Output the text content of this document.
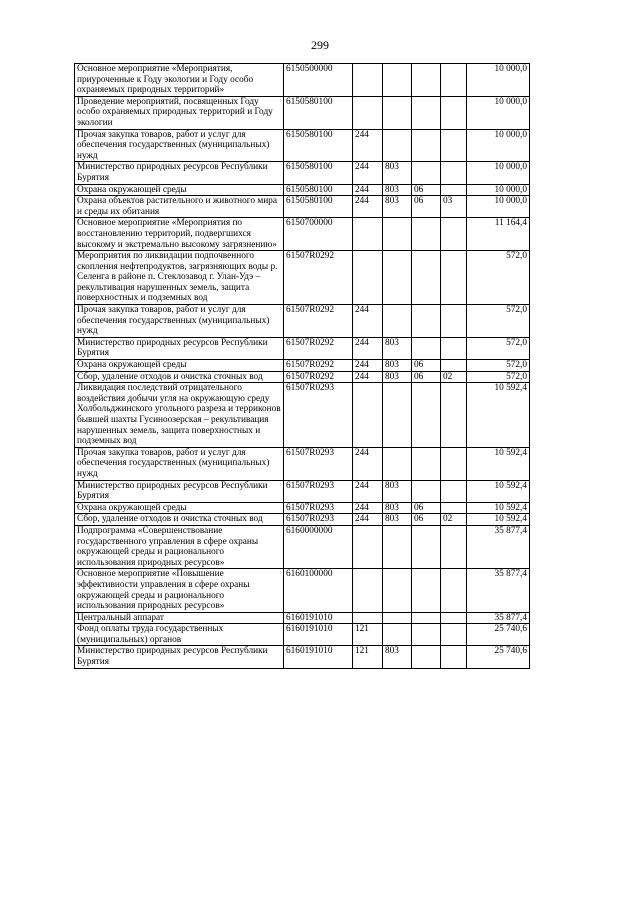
299
Основное мероприятие «Мероприятия, приуроченные к Году экологии и Году особо охраняемых природных территорий»	6150500000					10 000,0
Проведение мероприятий, посвященных Году особо охраняемых природных территорий и Году экологии	6150580100					10 000,0
Прочая закупка товаров, работ и услуг для обеспечения государственных (муниципальных) нужд	6150580100	244				10 000,0
Министерство природных ресурсов Республики Бурятия	6150580100	244	803			10 000,0
Охрана окружающей среды	6150580100	244	803	06		10 000,0
Охрана объектов растительного и животного мира и среды их обитания	6150580100	244	803	06	03	10 000,0
Основное мероприятие «Мероприятия по восстановлению территорий, подвергшихся высокому и экстремально высокому загрязнению»	6150700000					11 164,4
Мероприятия по ликвидации подпочвенного скопления нефтепродуктов, загрязняющих воды р. Селенга в районе п. Стеклозавод г. Улан-Удэ – рекультивация нарушенных земель, защита поверхностных и подземных вод	61507R0292					572,0
Прочая закупка товаров, работ и услуг для обеспечения государственных (муниципальных) нужд	61507R0292	244				572,0
Министерство природных ресурсов Республики Бурятия	61507R0292	244	803			572,0
Охрана окружающей среды	61507R0292	244	803	06		572,0
Сбор, удаление отходов и очистка сточных вод	61507R0292	244	803	06	02	572,0
Ликвидация последствий отрицательного воздействия добычи угля на окружающую среду Холбольджинского угольного разреза и терриконов бывшей шахты Гусиноозерская – рекультивация нарушенных земель, защита поверхностных и подземных вод	61507R0293					10 592,4
Прочая закупка товаров, работ и услуг для обеспечения государственных (муниципальных) нужд	61507R0293	244				10 592,4
Министерство природных ресурсов Республики Бурятия	61507R0293	244	803			10 592,4
Охрана окружающей среды	61507R0293	244	803	06		10 592,4
Сбор, удаление отходов и очистка сточных вод	61507R0293	244	803	06	02	10 592,4
Подпрограмма «Совершенствование государственного управления в сфере охраны окружающей среды и рационального использования природных ресурсов»	6160000000					35 877,4
Основное мероприятие «Повышение эффективности управления в сфере охраны окружающей среды и рационального использования природных ресурсов»	6160100000					35 877,4
Центральный аппарат	6160191010					35 877,4
Фонд оплаты труда государственных (муниципальных) органов	6160191010	121				25 740,6
Министерство природных ресурсов Республики Бурятия	6160191010	121	803			25 740,6
